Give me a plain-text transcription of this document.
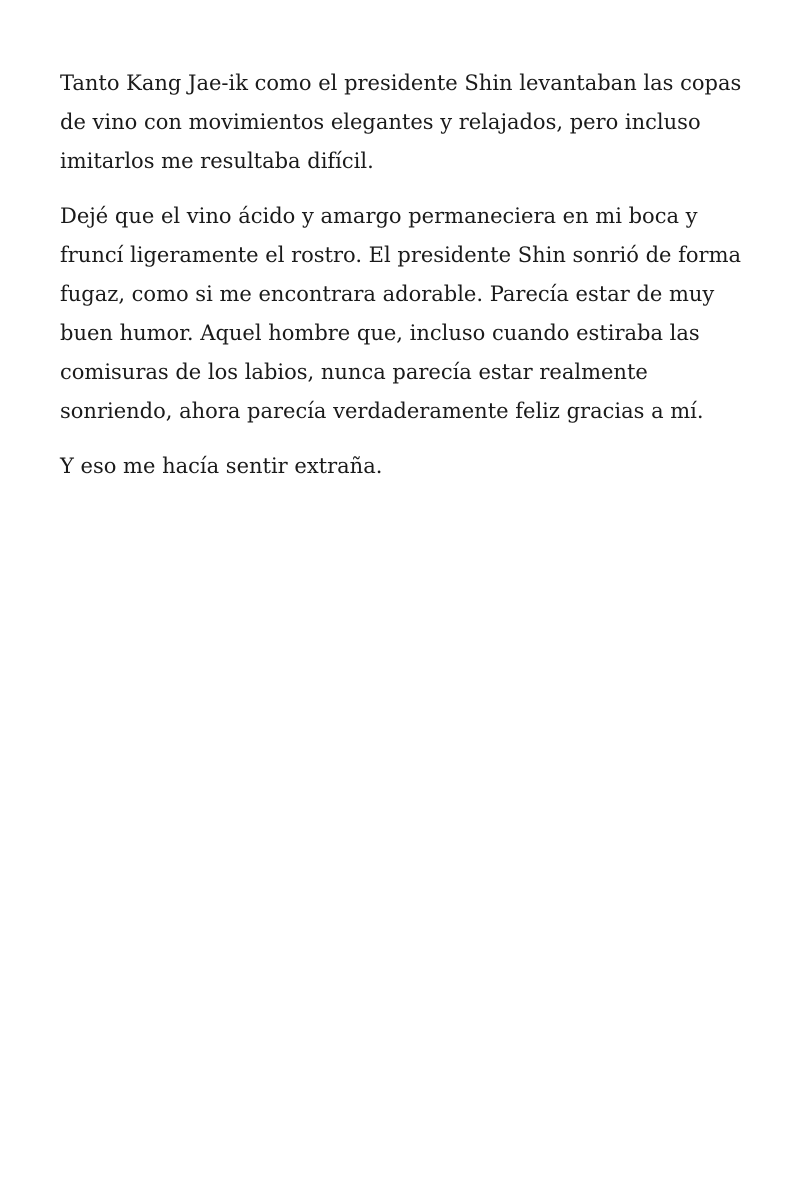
Tanto Kang Jae-ik como el presidente Shin levantaban las copas de vino con movimientos elegantes y relajados, pero incluso imitarlos me resultaba difícil.

Dejé que el vino ácido y amargo permaneciera en mi boca y fruncí ligeramente el rostro. El presidente Shin sonrió de forma fugaz, como si me encontrara adorable. Parecía estar de muy buen humor. Aquel hombre que, incluso cuando estiraba las comisuras de los labios, nunca parecía estar realmente sonriendo, ahora parecía verdaderamente feliz gracias a mí.

Y eso me hacía sentir extraña.
